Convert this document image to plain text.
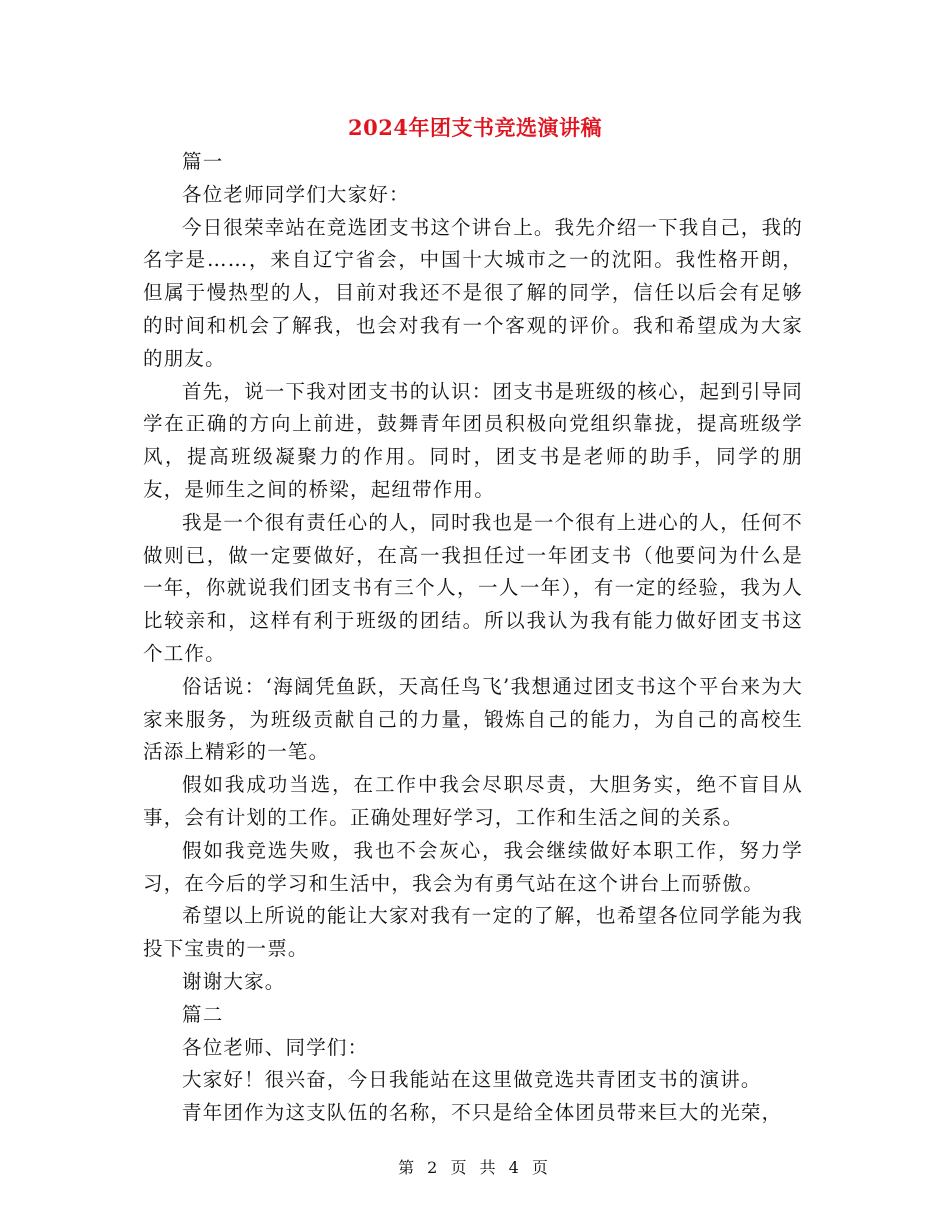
2024年团支书竞选演讲稿

篇一

各位老师同学们大家好：

今日很荣幸站在竞选团支书这个讲台上。我先介绍一下我自己，我的名字是……，来自辽宁省会，中国十大城市之一的沈阳。我性格开朗，但属于慢热型的人，目前对我还不是很了解的同学，信任以后会有足够的时间和机会了解我，也会对我有一个客观的评价。我和希望成为大家的朋友。

首先，说一下我对团支书的认识：团支书是班级的核心，起到引导同学在正确的方向上前进，鼓舞青年团员积极向党组织靠拢，提高班级学风，提高班级凝聚力的作用。同时，团支书是老师的助手，同学的朋友，是师生之间的桥梁，起纽带作用。

我是一个很有责任心的人，同时我也是一个很有上进心的人，任何不做则已，做一定要做好，在高一我担任过一年团支书（他要问为什么是一年，你就说我们团支书有三个人，一人一年），有一定的经验，我为人比较亲和，这样有利于班级的团结。所以我认为我有能力做好团支书这个工作。

俗话说：‘海阔凭鱼跃，天高任鸟飞’我想通过团支书这个平台来为大家来服务，为班级贡献自己的力量，锻炼自己的能力，为自己的高校生活添上精彩的一笔。

假如我成功当选，在工作中我会尽职尽责，大胆务实，绝不盲目从事，会有计划的工作。正确处理好学习，工作和生活之间的关系。

假如我竞选失败，我也不会灰心，我会继续做好本职工作，努力学习，在今后的学习和生活中，我会为有勇气站在这个讲台上而骄傲。

希望以上所说的能让大家对我有一定的了解，也希望各位同学能为我投下宝贵的一票。

谢谢大家。

篇二

各位老师、同学们：

大家好！很兴奋，今日我能站在这里做竞选共青团支书的演讲。

青年团作为这支队伍的名称，不只是给全体团员带来巨大的光荣，

第 2 页 共 4 页
